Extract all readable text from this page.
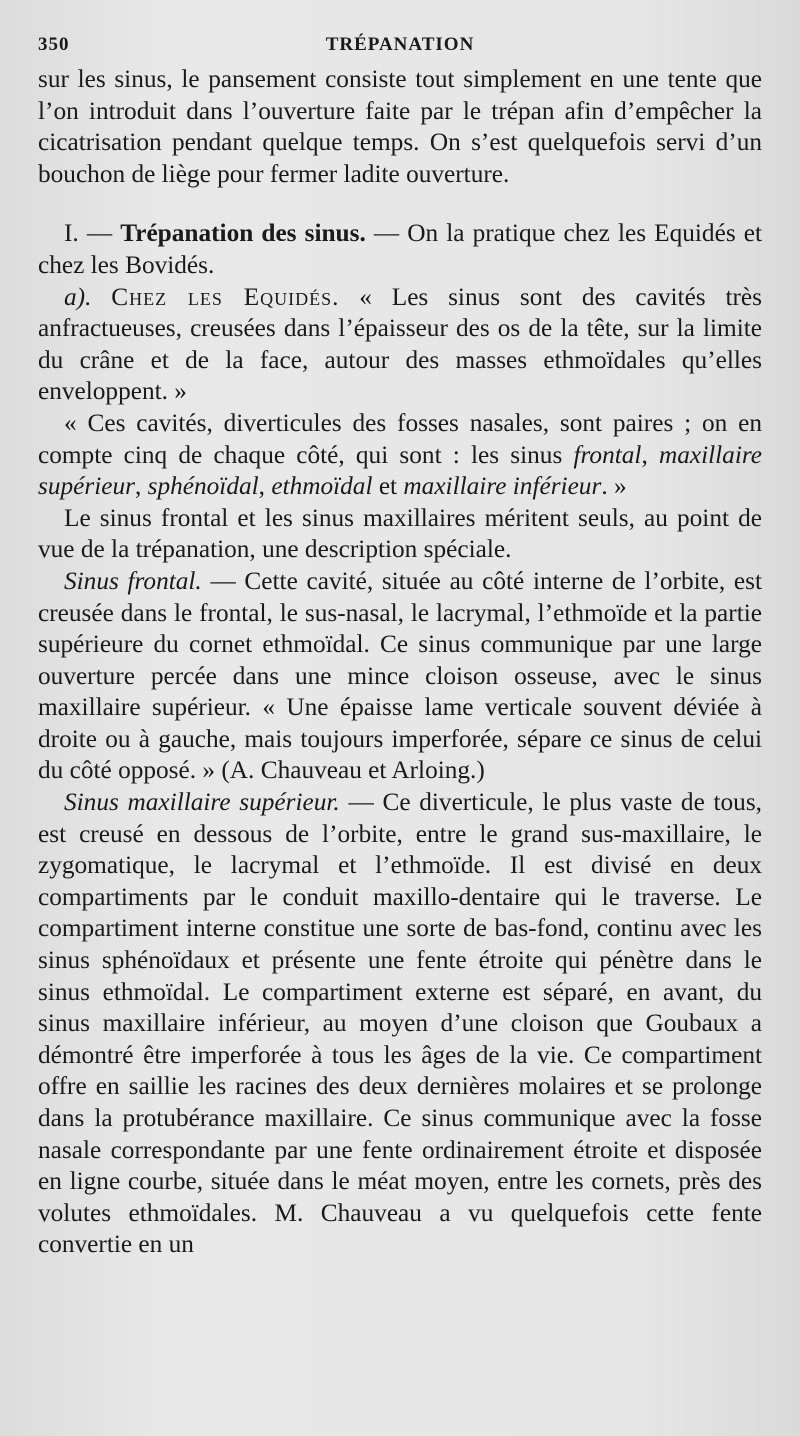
350	TRÉPANATION

sur les sinus, le pansement consiste tout simplement en une tente que l’on introduit dans l’ouverture faite par le trépan afin d’empêcher la cicatrisation pendant quelque temps. On s’est quelquefois servi d’un bouchon de liège pour fermer ladite ouverture.

I. — Trépanation des sinus. — On la pratique chez les Equidés et chez les Bovidés.

a). Chez les Equidés. « Les sinus sont des cavités très anfractueuses, creusées dans l’épaisseur des os de la tête, sur la limite du crâne et de la face, autour des masses ethmoïdales qu’elles enveloppent. »

« Ces cavités, diverticules des fosses nasales, sont paires ; on en compte cinq de chaque côté, qui sont : les sinus frontal, maxillaire supérieur, sphénoïdal, ethmoïdal et maxillaire inférieur. »

Le sinus frontal et les sinus maxillaires méritent seuls, au point de vue de la trépanation, une description spéciale.

Sinus frontal. — Cette cavité, située au côté interne de l’orbite, est creusée dans le frontal, le sus-nasal, le lacrymal, l’ethmoïde et la partie supérieure du cornet ethmoïdal. Ce sinus communique par une large ouverture percée dans une mince cloison osseuse, avec le sinus maxillaire supérieur. « Une épaisse lame verticale souvent déviée à droite ou à gauche, mais toujours imperforée, sépare ce sinus de celui du côté opposé. » (A. Chauveau et Arloing.)

Sinus maxillaire supérieur. — Ce diverticule, le plus vaste de tous, est creusé en dessous de l’orbite, entre le grand sus-maxillaire, le zygomatique, le lacrymal et l’ethmoïde. Il est divisé en deux compartiments par le conduit maxillo-dentaire qui le traverse. Le compartiment interne constitue une sorte de bas-fond, continu avec les sinus sphénoïdaux et présente une fente étroite qui pénètre dans le sinus ethmoïdal. Le compartiment externe est séparé, en avant, du sinus maxillaire inférieur, au moyen d’une cloison que Goubaux a démontré être imperforée à tous les âges de la vie. Ce compartiment offre en saillie les racines des deux dernières molaires et se prolonge dans la protubérance maxillaire. Ce sinus communique avec la fosse nasale correspondante par une fente ordinairement étroite et disposée en ligne courbe, située dans le méat moyen, entre les cornets, près des volutes ethmoïdales. M. Chauveau a vu quelquefois cette fente convertie en un
